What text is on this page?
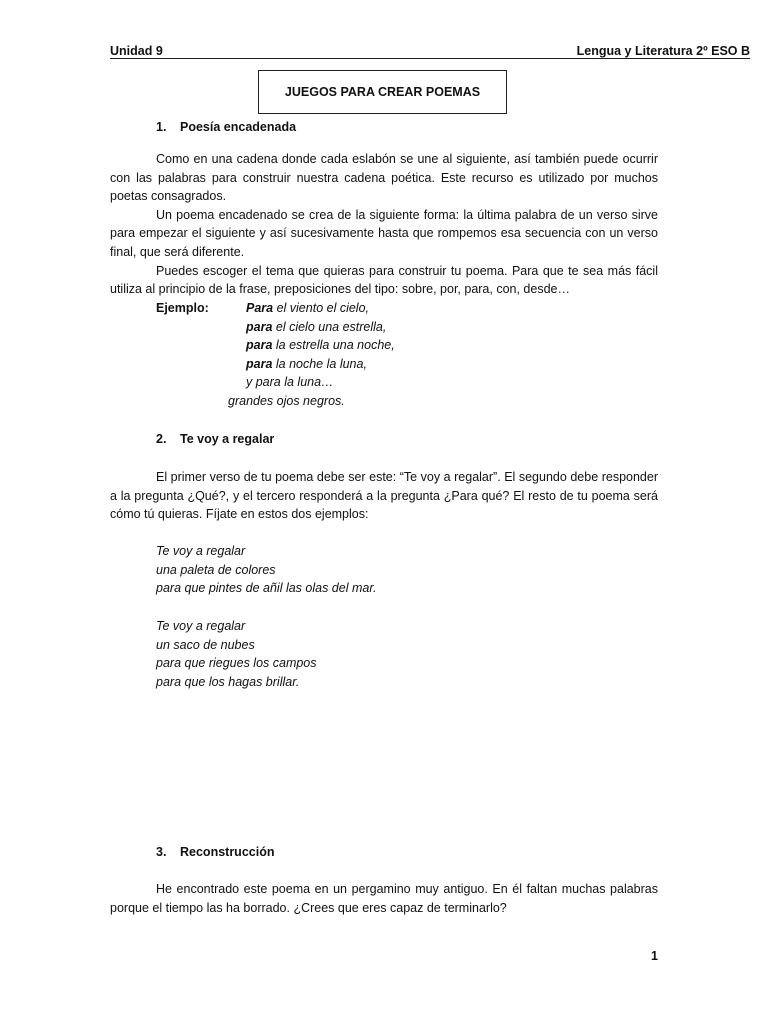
Unidad 9	Lengua y Literatura 2º ESO B
JUEGOS PARA CREAR POEMAS
1. Poesía encadenada

Como en una cadena donde cada eslabón se une al siguiente, así también puede ocurrir con las palabras para construir nuestra cadena poética. Este recurso es utilizado por muchos poetas consagrados.

Un poema encadenado se crea de la siguiente forma: la última palabra de un verso sirve para empezar el siguiente y así sucesivamente hasta que rompemos esa secuencia con un verso final, que será diferente.

Puedes escoger el tema que quieras para construir tu poema. Para que te sea más fácil utiliza al principio de la frase, preposiciones del tipo: sobre, por, para, con, desde…

Ejemplo:	Para el viento el cielo,
para el cielo una estrella,
para la estrella una noche,
para la noche la luna,
y para la luna…
grandes ojos negros.
2. Te voy a regalar

El primer verso de tu poema debe ser este: “Te voy a regalar”. El segundo debe responder a la pregunta ¿Qué?, y el tercero responderá a la pregunta ¿Para qué? El resto de tu poema será cómo tú quieras. Fíjate en estos dos ejemplos:

Te voy a regalar
una paleta de colores
para que pintes de añil las olas del mar.
Te voy a regalar
un saco de nubes
para que riegues los campos
para que los hagas brillar.
3. Reconstrucción

He encontrado este poema en un pergamino muy antiguo. En él faltan muchas palabras porque el tiempo las ha borrado. ¿Crees que eres capaz de terminarlo?

1
